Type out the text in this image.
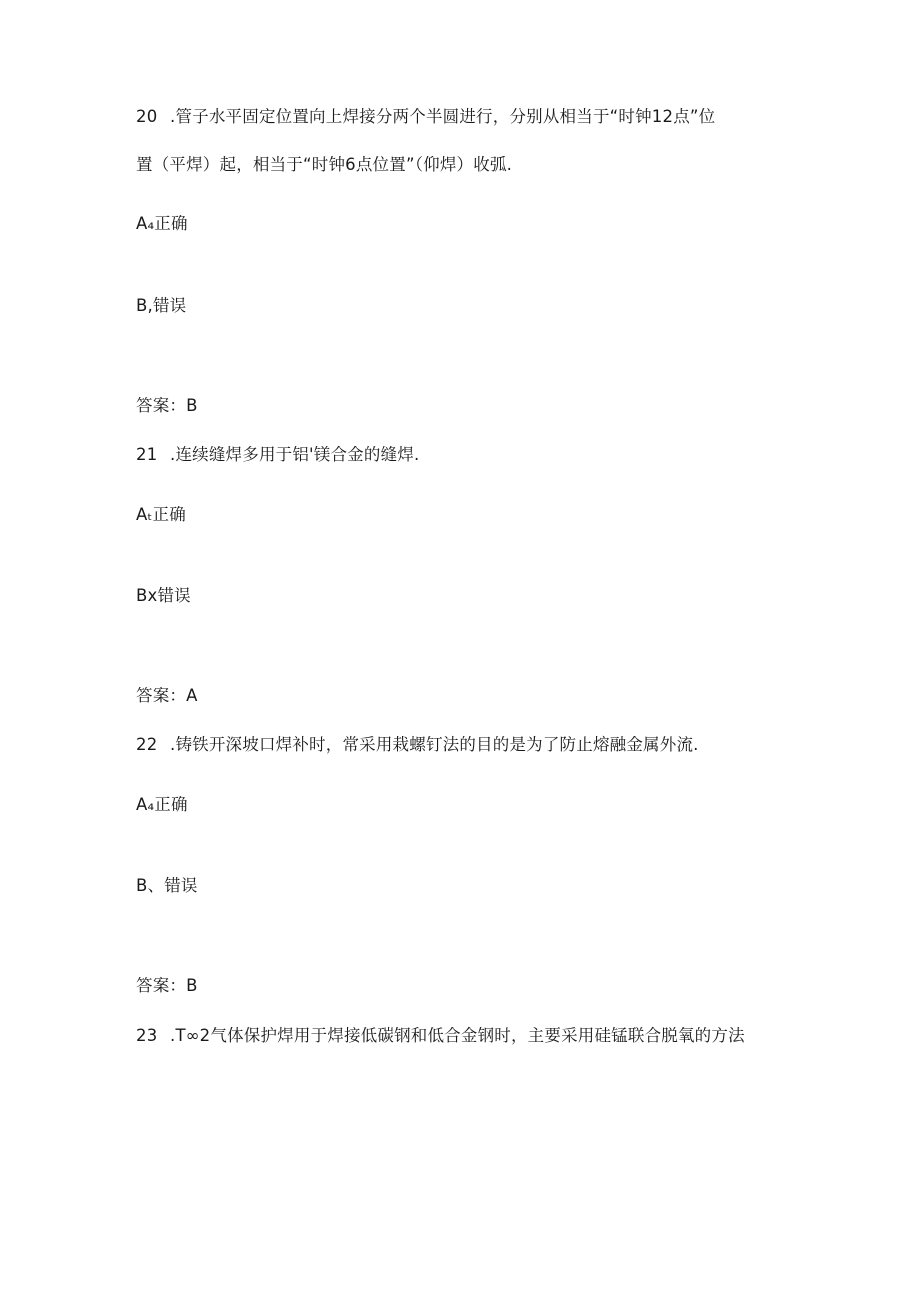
20 .管子水平固定位置向上焊接分两个半圆进行，分别从相当于“时钟12点”位
置（平焊）起，相当于“时钟6点位置”（仰焊）收弧.
A₄正确
B,错误
答案：B
21 .连续缝焊多用于铝'镁合金的缝焊.
Aₜ正确
Bx错误
答案：A
22 .铸铁开深坡口焊补时，常采用栽螺钉法的目的是为了防止熔融金属外流.
A₄正确
B、错误
答案：B
23 .T∞2气体保护焊用于焊接低碳钢和低合金钢时，主要采用硅锰联合脱氧的方法
